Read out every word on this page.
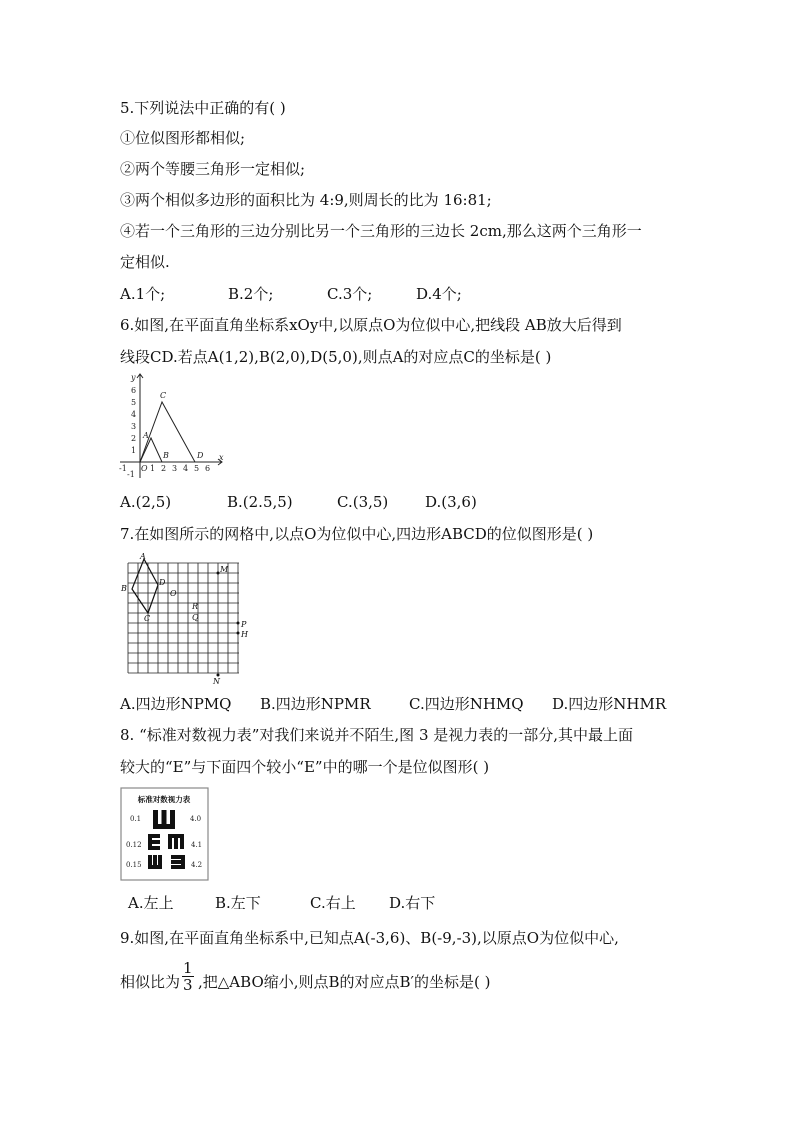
5.下列说法中正确的有( )
①位似图形都相似;
②两个等腰三角形一定相似;
③两个相似多边形的面积比为 4:9,则周长的比为 16:81;
④若一个三角形的三边分别比另一个三角形的三边长 2cm,那么这两个三角形一
定相似.
A.1个;	B.2个;	C.3个;	D.4个;
6.如图,在平面直角坐标系xOy中,以原点O为位似中心,把线段 AB放大后得到
线段CD.若点A(1,2),B(2,0),D(5,0),则点A的对应点C的坐标是( )
-1	1 2 3 4 5 6
-1
1
2
3
4
5
6
y
x
O
A
B
C
D
A.(2,5)	B.(2.5,5)	C.(3,5) D.(3,6)
7.在如图所示的网格中,以点O为位似中心,四边形ABCD的位似图形是( )
A
B
C
D
O
M
R
Q
P
H
N
A.四边形NPMQ B.四边形NPMR	C.四边形NHMQ D.四边形NHMR
8. “标准对数视力表”对我们来说并不陌生,图 3 是视力表的一部分,其中最上面
较大的“E”与下面四个较小“E”中的哪一个是位似图形( )
标准对数视力表
0.1	4.0
0.12	4.1
0.15	4.2
A.左上	B.左下	C.右上 D.右下
9.如图,在平面直角坐标系中,已知点A(-3,6)、B(-9,-3),以原点O为位似中心,
相似比为 $\frac{1}{3}$ ,把△ABO缩小,则点B的对应点B′的坐标是( )
